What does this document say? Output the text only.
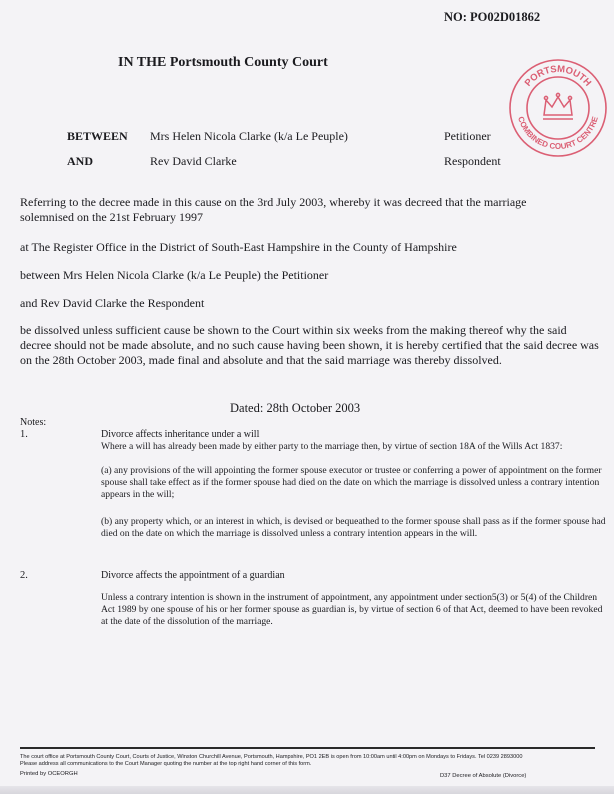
NO: PO02D01862
IN THE Portsmouth County Court
PORTSMOUTH
COMBINED COURT CENTRE
BETWEEN Mrs Helen Nicola Clarke (k/a Le Peuple)	Petitioner
AND	Rev David Clarke	Respondent
Referring to the decree made in this cause on the 3rd July 2003, whereby it was decreed that the marriage solemnised on the 21st February 1997
at The Register Office in the District of South-East Hampshire in the County of Hampshire
between Mrs Helen Nicola Clarke (k/a Le Peuple) the Petitioner
and Rev David Clarke the Respondent
be dissolved unless sufficient cause be shown to the Court within six weeks from the making thereof why the said decree should not be made absolute, and no such cause having been shown, it is hereby certified that the said decree was on the 28th October 2003, made final and absolute and that the said marriage was thereby dissolved.
Dated: 28th October 2003
Notes:
1.	Divorce affects inheritance under a will
Where a will has already been made by either party to the marriage then, by virtue of section 18A of the Wills Act 1837:
(a) any provisions of the will appointing the former spouse executor or trustee or conferring a power of appointment on the former spouse shall take effect as if the former spouse had died on the date on which the marriage is dissolved unless a contrary intention appears in the will;
(b) any property which, or an interest in which, is devised or bequeathed to the former spouse shall pass as if the former spouse had died on the date on which the marriage is dissolved unless a contrary intention appears in the will.
2.	Divorce affects the appointment of a guardian
Unless a contrary intention is shown in the instrument of appointment, any appointment under section5(3) or 5(4) of the Children Act 1989 by one spouse of his or her former spouse as guardian is, by virtue of section 6 of that Act, deemed to have been revoked at the date of the dissolution of the marriage.
The court office at Portsmouth County Court, Courts of Justice, Winston Churchill Avenue, Portsmouth, Hampshire, PO1 2EB is open from 10:00am until 4:00pm on Mondays to Fridays. Tel 0239 2893000 Please address all communications to the Court Manager quoting the number at the top right hand corner of this form.
Printed by OCEORGH	D37 Decree of Absolute (Divorce)
